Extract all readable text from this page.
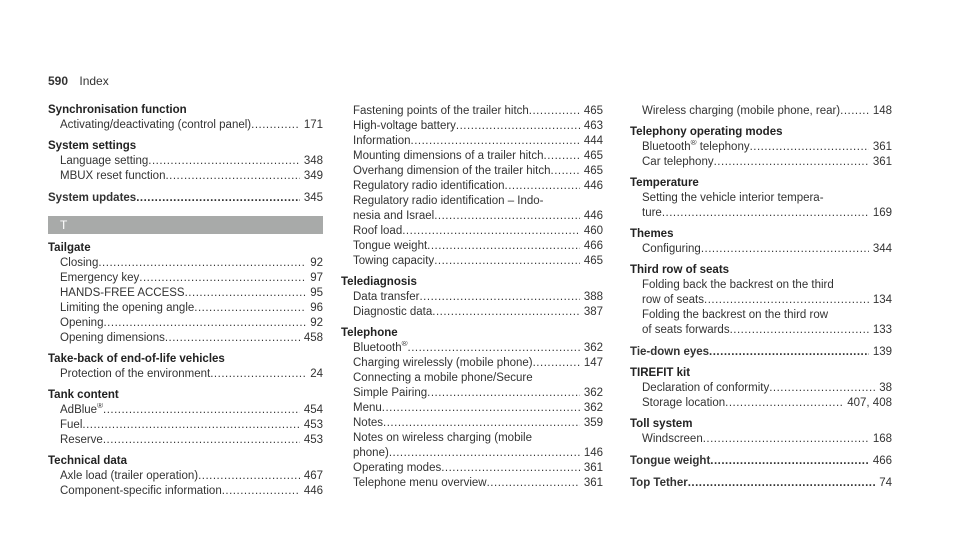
590 Index
Synchronisation function
Activating/deactivating (control panel) .....	171
System settings
Language setting .....	348
MBUX reset function .....	349
System updates .....	345
T
Tailgate
Closing .....	92
Emergency key .....	97
HANDS-FREE ACCESS .....	95
Limiting the opening angle .....	96
Opening .....	92
Opening dimensions .....	458
Take-back of end-of-life vehicles
Protection of the environment .....	24
Tank content
AdBlue® .....	454
Fuel .....	453
Reserve .....	453
Technical data
Axle load (trailer operation) .....	467
Component-specific information .....	446
Fastening points of the trailer hitch .....	465
High-voltage battery .....	463
Information .....	444
Mounting dimensions of a trailer hitch .....	465
Overhang dimension of the trailer hitch .....	465
Regulatory radio identification .....	446
Regulatory radio identification – Indo-
nesia and Israel .....	446
Roof load .....	460
Tongue weight .....	466
Towing capacity .....	465
Telediagnosis
Data transfer .....	388
Diagnostic data .....	387
Telephone
Bluetooth® .....	362
Charging wirelessly (mobile phone) .....	147
Connecting a mobile phone/Secure
Simple Pairing .....	362
Menu .....	362
Notes .....	359
Notes on wireless charging (mobile
phone) .....	146
Operating modes .....	361
Telephone menu overview .....	361
Wireless charging (mobile phone, rear) .....	148
Telephony operating modes
Bluetooth® telephony .....	361
Car telephony .....	361
Temperature
Setting the vehicle interior tempera-
ture .....	169
Themes
Configuring .....	344
Third row of seats
Folding back the backrest on the third
row of seats .....	134
Folding the backrest on the third row
of seats forwards .....	133
Tie-down eyes .....	139
TIREFIT kit
Declaration of conformity .....	38
Storage location .....	407, 408
Toll system
Windscreen .....	168
Tongue weight .....	466
Top Tether .....	74
